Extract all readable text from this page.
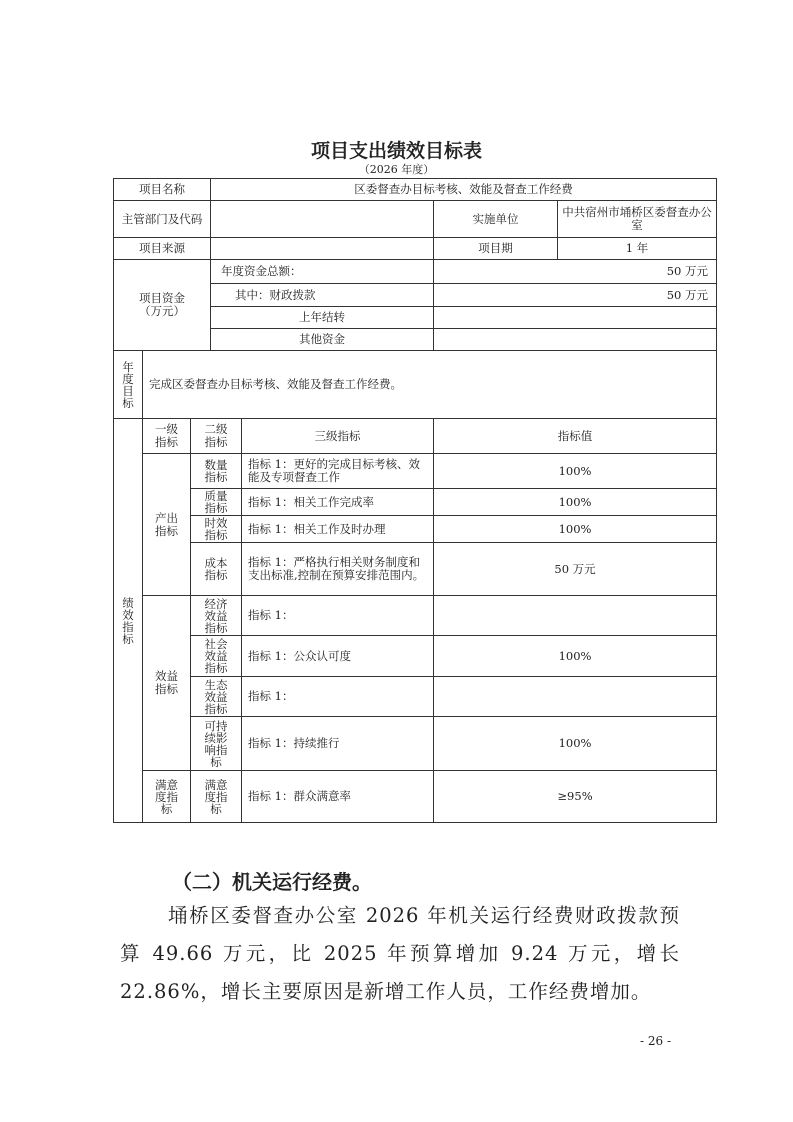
项目支出绩效目标表
（2026 年度）
项目名称			区委督查办目标考核、效能及督查工作经费			
主管部门及代码					实施单位	中共宿州市埇桥区委督查办公室
项目来源					项目期	1 年
项目资金（万元）			年度资金总额：		50 万元	
			其中：财政拨款		50 万元	
			上年结转			
			其他资金			
年度目标	完成区委督查办目标考核、效能及督查工作经费。					
绩效指标	一级指标	二级指标		三级指标	指标值	
	产出指标	数量指标		指标 1：更好的完成目标考核、效能及专项督查工作	100%	
		质量指标		指标 1：相关工作完成率	100%	
		时效指标		指标 1：相关工作及时办理	100%	
		成本指标		指标 1：严格执行相关财务制度和支出标准,控制在预算安排范围内。	50 万元	
	效益指标	经济效益指标		指标 1：		
		社会效益指标		指标 1：公众认可度	100%	
		生态效益指标		指标 1：		
		可持续影响指标		指标 1：持续推行	100%	
	满意度指标	满意度指标		指标 1：群众满意率	≥95%	
（二）机关运行经费。
埇桥区委督查办公室 2026 年机关运行经费财政拨款预算 49.66 万元，比 2025 年预算增加 9.24 万元，增长 22.86%，增长主要原因是新增工作人员，工作经费增加。
- 26 -
